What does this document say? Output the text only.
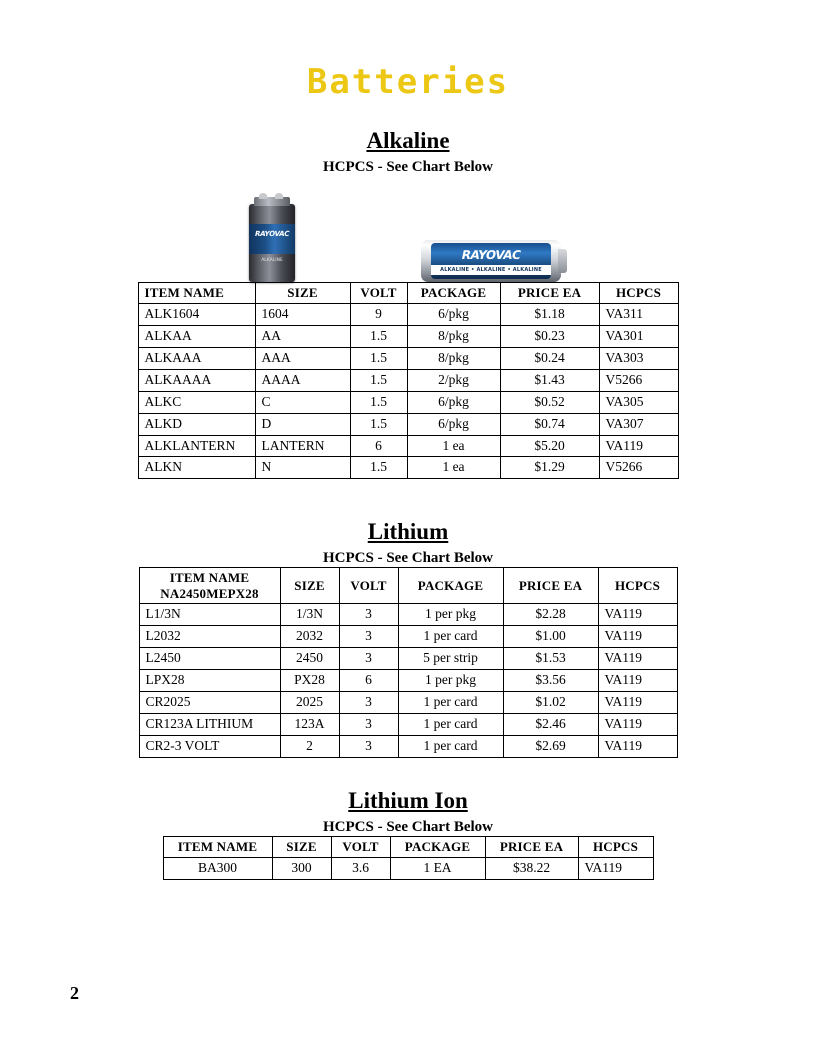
Batteries
Alkaline
HCPCS - See Chart Below
RAYOVAC
ALKALINE	RAYOVAC
ALKALINE • ALKALINE • ALKALINE
ITEM NAME	SIZE	VOLT	PACKAGE	PRICE EA	HCPCS
ALK1604	1604	9	6/pkg	$1.18	VA311
ALKAA	AA	1.5	8/pkg	$0.23	VA301
ALKAAA	AAA	1.5	8/pkg	$0.24	VA303
ALKAAAA	AAAA	1.5	2/pkg	$1.43	V5266
ALKC	C	1.5	6/pkg	$0.52	VA305
ALKD	D	1.5	6/pkg	$0.74	VA307
ALKLANTERN	LANTERN	6	1 ea	$5.20	VA119
ALKN	N	1.5	1 ea	$1.29	V5266
Lithium
HCPCS - See Chart Below
ITEM NAME
NA2450MEPX28	SIZE	VOLT	PACKAGE	PRICE EA	HCPCS
L1/3N	1/3N	3	1 per pkg	$2.28	VA119
L2032	2032	3	1 per card	$1.00	VA119
L2450	2450	3	5 per strip	$1.53	VA119
LPX28	PX28	6	1 per pkg	$3.56	VA119
CR2025	2025	3	1 per card	$1.02	VA119
CR123A LITHIUM	123A	3	1 per card	$2.46	VA119
CR2-3 VOLT	2	3	1 per card	$2.69	VA119
Lithium Ion
HCPCS - See Chart Below
ITEM NAME	SIZE	VOLT	PACKAGE	PRICE EA	HCPCS
BA300	300	3.6	1 EA	$38.22	VA119
2
